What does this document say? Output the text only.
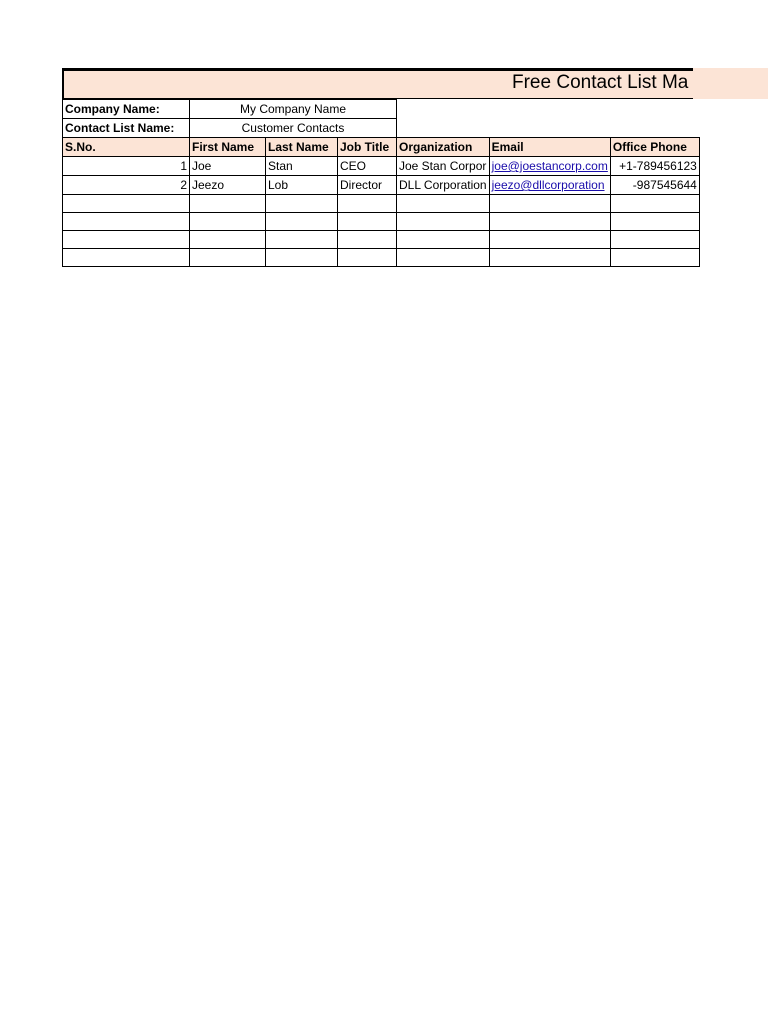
Free Contact List Ma
Company Name:	My Company Name					
Contact List Name:	Customer Contacts					
S.No.	First Name	Last Name	Job Title	Organization	Email	Office Phone
1	Joe	Stan	CEO	Joe Stan Corpor	joe@joestancorp.com	+1-789456123
2	Jeezo	Lob	Director	DLL Corporation	jeezo@dllcorporation	-987545644
